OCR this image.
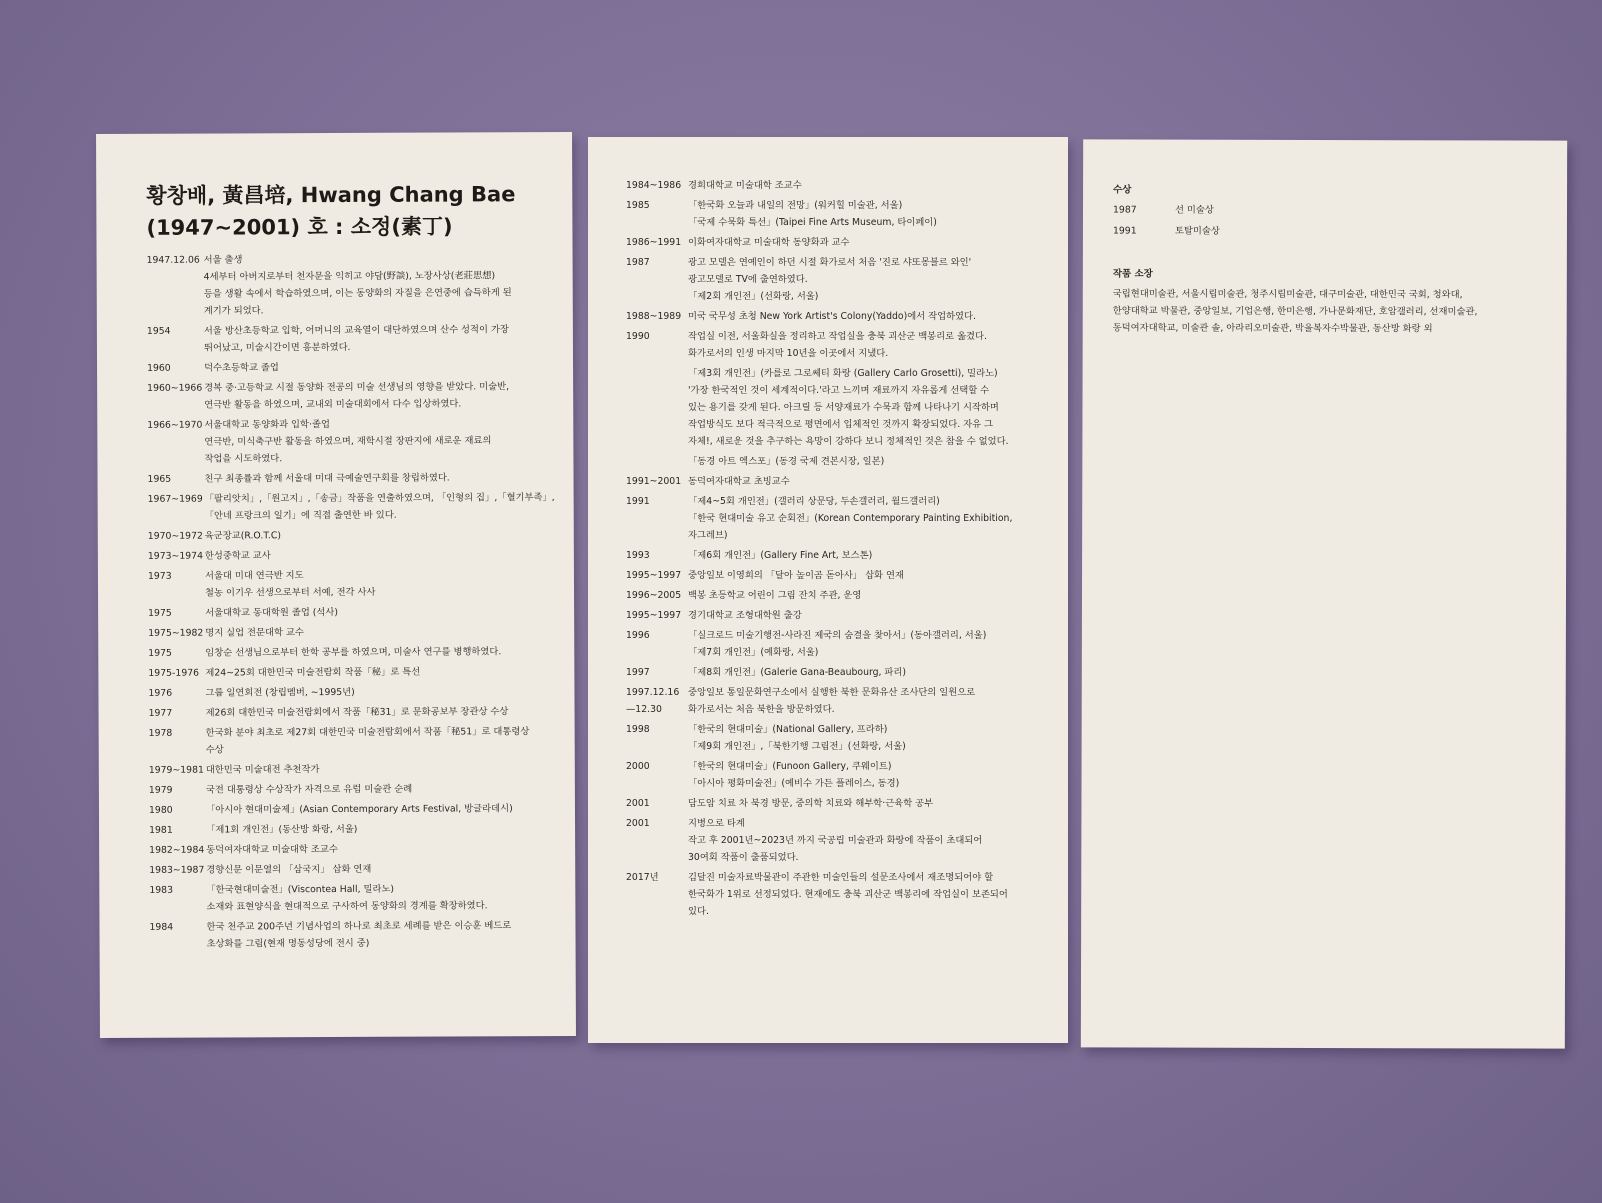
황창배, 黃昌培, Hwang Chang Bae
(1947~2001) 호 : 소정(素丁)
1947.12.06 서울 출생
4세부터 아버지로부터 천자문을 익히고 야담(野談), 노장사상(老莊思想)
등을 생활 속에서 학습하였으며, 이는 동양화의 자질을 은연중에 습득하게 된
계기가 되었다.
1954	서울 방산초등학교 입학, 어머니의 교육열이 대단하였으며 산수 성적이 가장
뛰어났고, 미술시간이면 흥분하였다.
1960	덕수초등학교 졸업
1960~1966 경복 중·고등학교 시절 동양화 전공의 미술 선생님의 영향을 받았다. 미술반,
연극반 활동을 하였으며, 교내외 미술대회에서 다수 입상하였다.
1966~1970 서울대학교 동양화과 입학·졸업
연극반, 미식축구반 활동을 하였으며, 재학시절 장판지에 새로운 재료의
작업을 시도하였다.
1965	친구 최종률과 함께 서울대 미대 극예술연구회를 창립하였다.
1967~1969 「팔리앗치」,「원고지」,「송금」작품을 연출하였으며, 「인형의 집」,「혈기부족」,
「안네 프랑크의 일기」에 직접 출연한 바 있다.
1970~1972 육군장교(R.O.T.C)
1973~1974 한성중학교 교사
1973	서울대 미대 연극반 지도
철농 이기우 선생으로부터 서예, 전각 사사
1975	서울대학교 동대학원 졸업 (석사)
1975~1982 명지 실업 전문대학 교수
1975	임창순 선생님으로부터 한학 공부를 하였으며, 미술사 연구를 병행하였다.
1975-1976 제24~25회 대한민국 미술전람회 작품「秘」로 특선
1976	그룹 일연회전 (창립멤버, ~1995년)
1977	제26회 대한민국 미술전람회에서 작품「秘31」로 문화공보부 장관상 수상
1978	한국화 분야 최초로 제27회 대한민국 미술전람회에서 작품「秘51」로 대통령상
수상
1979~1981 대한민국 미술대전 추천작가
1979	국전 대통령상 수상작가 자격으로 유럽 미술관 순례
1980	「아시아 현대미술제」(Asian Contemporary Arts Festival, 방글라데시)
1981	「제1회 개인전」(동산방 화랑, 서울)
1982~1984 동덕여자대학교 미술대학 조교수
1983~1987 경향신문 이문열의 「삼국지」 삽화 연재
1983	「한국현대미술전」(Viscontea Hall, 밀라노)
소재와 표현양식을 현대적으로 구사하여 동양화의 경계를 확장하였다.
1984	한국 천주교 200주년 기념사업의 하나로 최초로 세례를 받은 이승훈 베드로
초상화를 그림(현재 명동성당에 전시 중)
1984~1986 경희대학교 미술대학 조교수
1985	「한국화 오늘과 내일의 전망」(워커힐 미술관, 서울)
「국제 수묵화 특선」(Taipei Fine Arts Museum, 타이페이)
1986~1991 이화여자대학교 미술대학 동양화과 교수
1987	광고 모델은 연예인이 하던 시절 화가로서 처음 '진로 샤또몽블르 와인'
광고모델로 TV에 출연하였다.
「제2회 개인전」(선화랑, 서울)
1988~1989 미국 국무성 초청 New York Artist's Colony(Yaddo)에서 작업하였다.
1990	작업실 이전, 서울화실을 정리하고 작업실을 충북 괴산군 백봉리로 옮겼다.
화가로서의 인생 마지막 10년을 이곳에서 지냈다.
「제3회 개인전」(카를로 그로쎄티 화랑 (Gallery Carlo Grosetti), 밀라노)
'가장 한국적인 것이 세계적이다.'라고 느끼며 재료까지 자유롭게 선택할 수
있는 용기를 갖게 된다. 아크릴 등 서양재료가 수묵과 함께 나타나기 시작하며
작업방식도 보다 적극적으로 평면에서 입체적인 것까지 확장되었다. 자유 그
자체!, 새로운 것을 추구하는 욕망이 강하다 보니 정체적인 것은 참을 수 없었다.
「동경 아트 엑스포」(동경 국제 견본시장, 일본)
1991~2001 동덕여자대학교 초빙교수
1991	「제4~5회 개인전」(갤러리 상문당, 두손갤러리, 월드갤러리)
「한국 현대미술 유고 순회전」(Korean Contemporary Painting Exhibition,
자그레브)
1993	「제6회 개인전」(Gallery Fine Art, 보스톤)
1995~1997 중앙일보 이영희의 「달아 높이곰 돋아사」 삽화 연재
1996~2005 백봉 초등학교 어린이 그림 잔치 주관, 운영
1995~1997 경기대학교 조형대학원 출강
1996	「실크로드 미술기행전-사라진 제국의 숨결을 찾아서」(동아갤러리, 서울)
「제7회 개인전」(예화랑, 서울)
1997	「제8회 개인전」(Galerie Gana-Beaubourg, 파리)
1997.12.16
—12.30
중앙일보 통일문화연구소에서 실행한 북한 문화유산 조사단의 일원으로
화가로서는 처음 북한을 방문하였다.
1998	「한국의 현대미술」(National Gallery, 프라하)
「제9회 개인전」,「북한기행 그림전」(선화랑, 서울)
2000	「한국의 현대미술」(Funoon Gallery, 쿠웨이트)
「아시아 평화미술전」(예비수 가든 플레이스, 동경)
2001	담도암 치료 차 북경 방문, 중의학 치료와 해부학·근육학 공부
2001	지병으로 타계
작고 후 2001년~2023년 까지 국공립 미술관과 화랑에 작품이 초대되어
30여회 작품이 출품되었다.
2017년	김달진 미술자료박물관이 주관한 미술인들의 설문조사에서 재조명되어야 할
한국화가 1위로 선정되었다. 현재에도 충북 괴산군 백봉리에 작업실이 보존되어
있다.
수상
1987	선 미술상
1991	토탈미술상
작품 소장
국립현대미술관, 서울시립미술관, 청주시립미술관, 대구미술관, 대한민국 국회, 청와대,
한양대학교 박물관, 중앙일보, 기업은행, 한미은행, 가나문화재단, 호암갤러리, 선재미술관,
동덕여자대학교, 미술관 솔, 아라리오미술관, 박을복자수박물관, 동산방 화랑 외
